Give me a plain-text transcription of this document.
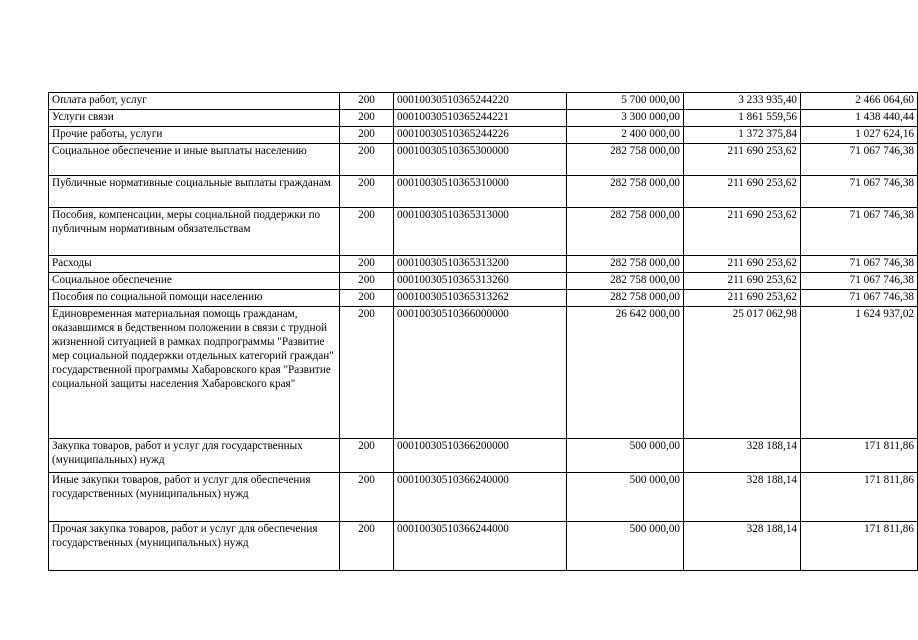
Оплата работ, услуг	200	00010030510365244220	5 700 000,00	3 233 935,40	2 466 064,60
Услуги связи	200	00010030510365244221	3 300 000,00	1 861 559,56	1 438 440,44
Прочие работы, услуги	200	00010030510365244226	2 400 000,00	1 372 375,84	1 027 624,16
Социальное обеспечение и иные выплаты населению	200	00010030510365300000	282 758 000,00	211 690 253,62	71 067 746,38
Публичные нормативные социальные выплаты гражданам	200	00010030510365310000	282 758 000,00	211 690 253,62	71 067 746,38
Пособия, компенсации, меры социальной поддержки по публичным нормативным обязательствам	200	00010030510365313000	282 758 000,00	211 690 253,62	71 067 746,38
Расходы	200	00010030510365313200	282 758 000,00	211 690 253,62	71 067 746,38
Социальное обеспечение	200	00010030510365313260	282 758 000,00	211 690 253,62	71 067 746,38
Пособия по социальной помощи населению	200	00010030510365313262	282 758 000,00	211 690 253,62	71 067 746,38
Единовременная материальная помощь гражданам, оказавшимся в бедственном положении в связи с трудной жизненной ситуацией в рамках подпрограммы "Развитие мер социальной поддержки отдельных категорий граждан" государственной программы Хабаровского края "Развитие социальной защиты населения Хабаровского края"	200	00010030510366000000	26 642 000,00	25 017 062,98	1 624 937,02
Закупка товаров, работ и услуг для государственных (муниципальных) нужд	200	00010030510366200000	500 000,00	328 188,14	171 811,86
Иные закупки товаров, работ и услуг для обеспечения государственных (муниципальных) нужд	200	00010030510366240000	500 000,00	328 188,14	171 811,86
Прочая закупка товаров, работ и услуг для обеспечения государственных (муниципальных) нужд	200	00010030510366244000	500 000,00	328 188,14	171 811,86
